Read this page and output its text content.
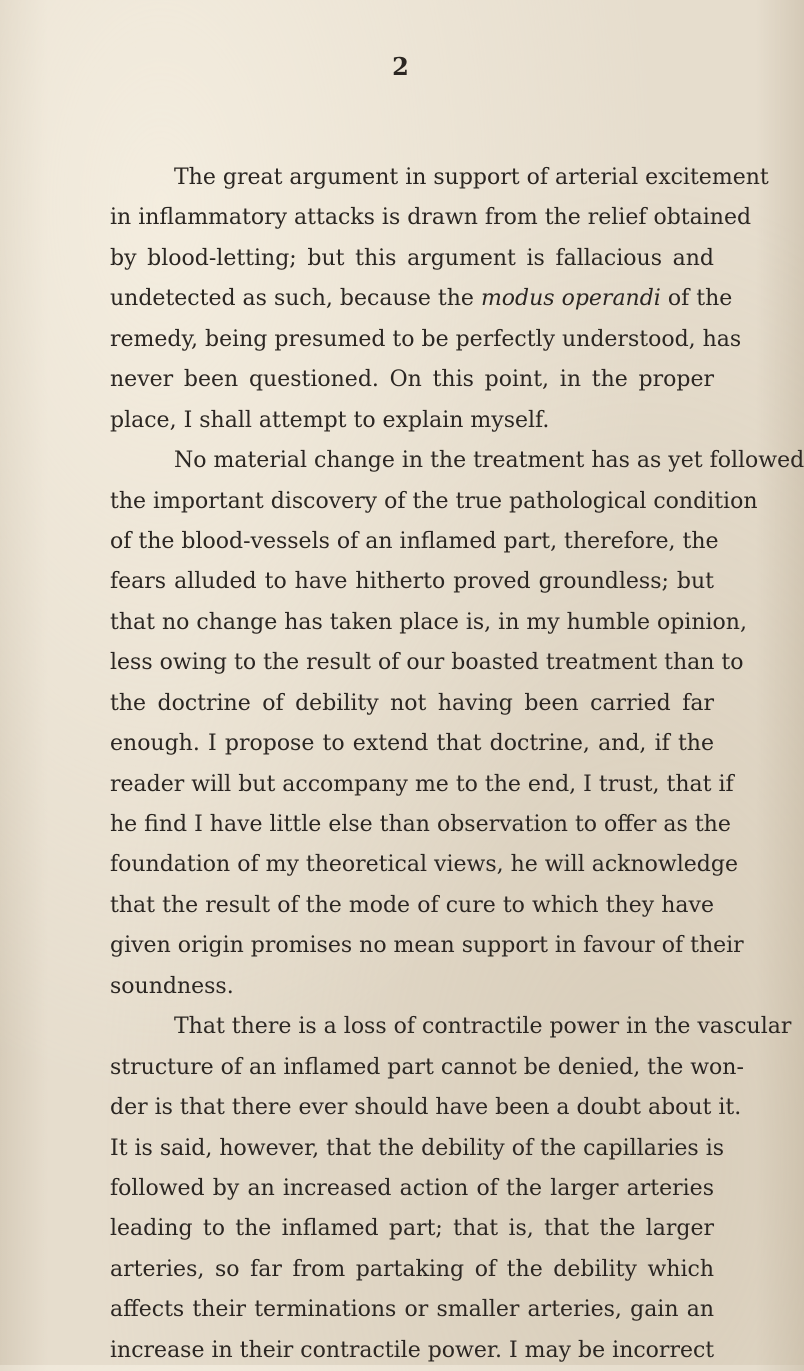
2
The great argument in support of arterial excitement
in inflammatory attacks is drawn from the relief obtained
by blood-letting; but this argument is fallacious and
undetected as such, because the modus operandi of the
remedy, being presumed to be perfectly understood, has
never been questioned. On this point, in the proper
place, I shall attempt to explain myself.
No material change in the treatment has as yet followed
the important discovery of the true pathological condition
of the blood-vessels of an inflamed part, therefore, the
fears alluded to have hitherto proved groundless; but
that no change has taken place is, in my humble opinion,
less owing to the result of our boasted treatment than to
the doctrine of debility not having been carried far
enough. I propose to extend that doctrine, and, if the
reader will but accompany me to the end, I trust, that if
he find I have little else than observation to offer as the
foundation of my theoretical views, he will acknowledge
that the result of the mode of cure to which they have
given origin promises no mean support in favour of their
soundness.
That there is a loss of contractile power in the vascular
structure of an inflamed part cannot be denied, the won-
der is that there ever should have been a doubt about it.
It is said, however, that the debility of the capillaries is
followed by an increased action of the larger arteries
leading to the inflamed part; that is, that the larger
arteries, so far from partaking of the debility which
affects their terminations or smaller arteries, gain an
increase in their contractile power. I may be incorrect
